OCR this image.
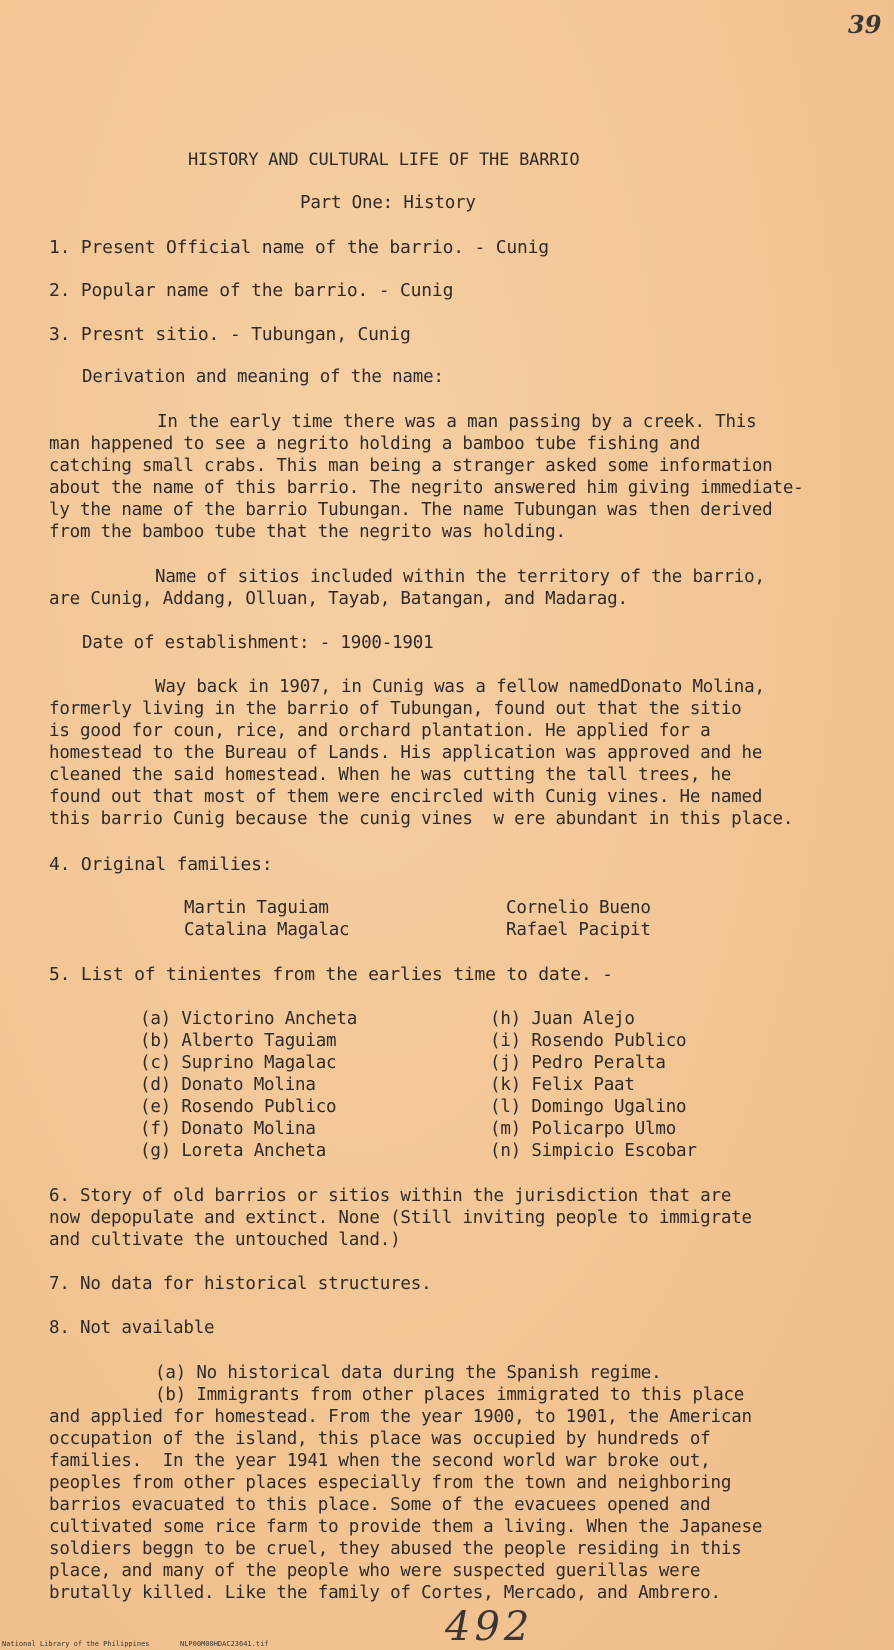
39
HISTORY AND CULTURAL LIFE OF THE BARRIO
Part One: History
1. Present Official name of the barrio. - Cunig
2. Popular name of the barrio. - Cunig
3. Presnt sitio. - Tubungan, Cunig
Derivation and meaning of the name:
In the early time there was a man passing by a creek. This
man happened to see a negrito holding a bamboo tube fishing and
catching small crabs. This man being a stranger asked some information
about the name of this barrio. The negrito answered him giving immediate-
ly the name of the barrio Tubungan. The name Tubungan was then derived
from the bamboo tube that the negrito was holding.
Name of sitios included within the territory of the barrio,
are Cunig, Addang, Olluan, Tayab, Batangan, and Madarag.
Date of establishment: - 1900-1901
Way back in 1907, in Cunig was a fellow namedDonato Molina,
formerly living in the barrio of Tubungan, found out that the sitio
is good for coun, rice, and orchard plantation. He applied for a
homestead to the Bureau of Lands. His application was approved and he
cleaned the said homestead. When he was cutting the tall trees, he
found out that most of them were encircled with Cunig vines. He named
this barrio Cunig because the cunig vines  w ere abundant in this place.
4. Original families:
Martin Taguiam
Catalina Magalac
Cornelio Bueno
Rafael Pacipit
5. List of tinientes from the earlies time to date. -
(a) Victorino Ancheta
(b) Alberto Taguiam
(c) Suprino Magalac
(d) Donato Molina
(e) Rosendo Publico
(f) Donato Molina
(g) Loreta Ancheta
(h) Juan Alejo
(i) Rosendo Publico
(j) Pedro Peralta
(k) Felix Paat
(l) Domingo Ugalino
(m) Policarpo Ulmo
(n) Simpicio Escobar
6. Story of old barrios or sitios within the jurisdiction that are
now depopulate and extinct. None (Still inviting people to immigrate
and cultivate the untouched land.)
7. No data for historical structures.
8. Not available
(a) No historical data during the Spanish regime.
(b) Immigrants from other places immigrated to this place
and applied for homestead. From the year 1900, to 1901, the American
occupation of the island, this place was occupied by hundreds of
families.  In the year 1941 when the second world war broke out,
peoples from other places especially from the town and neighboring
barrios evacuated to this place. Some of the evacuees opened and
cultivated some rice farm to provide them a living. When the Japanese
soldiers beggn to be cruel, they abused the people residing in this
place, and many of the people who were suspected guerillas were
brutally killed. Like the family of Cortes, Mercado, and Ambrero.
492
National Library of the Philippines	NLP00M00HDAC23641.tif
